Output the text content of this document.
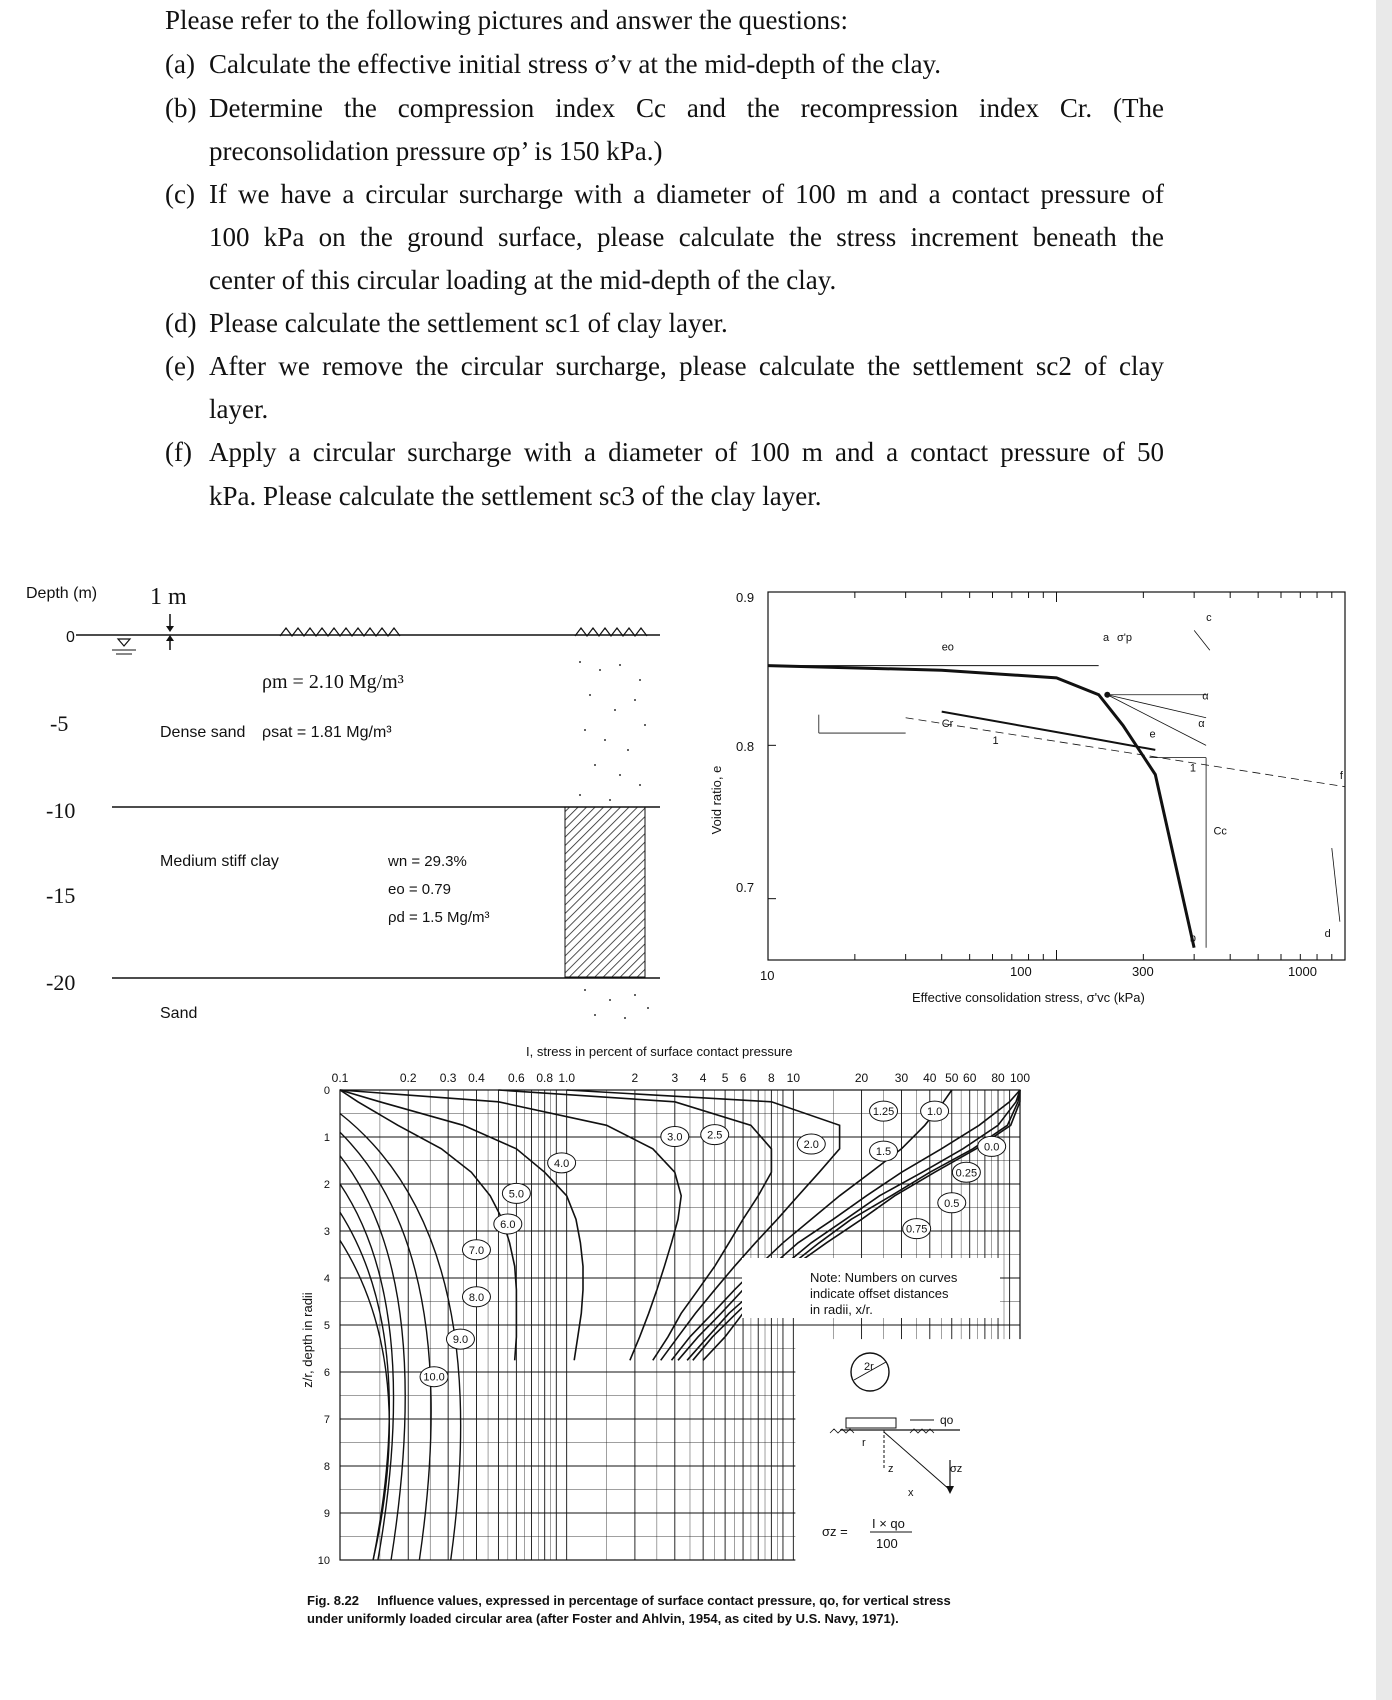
Please refer to the following pictures and answer the questions:
(a) Calculate the effective initial stress σ’v at the mid-depth of the clay.
(b) Determine the compression index Cc and the recompression index Cr. (The
preconsolidation pressure σp’ is 150 kPa.)
(c) If we have a circular surcharge with a diameter of 100 m and a contact pressure of
100 kPa on the ground surface, please calculate the stress increment beneath the
center of this circular loading at the mid-depth of the clay.
(d) Please calculate the settlement sc1 of clay layer.
(e) After we remove the circular surcharge, please calculate the settlement sc2 of clay
layer.
(f) Apply a circular surcharge with a diameter of 100 m and a contact pressure of 50
kPa. Please calculate the settlement sc3 of the clay layer.
Depth (m)
0
-5
-10
-15
-20
1 m
ρm = 2.10 Mg/m³
Dense sand ρsat = 1.81 Mg/m³
Medium stiff clay	wn = 29.3%
eo = 0.79
ρd = 1.5 Mg/m³
Sand
0.9
0.8
0.7
Void ratio, e
10	100	300	1000
Effective consolidation stress, σ'vc (kPa)
eo
a σ'p
c
Cr
1
e
α
α
1
f
Cc
b	d
I, stress in percent of surface contact pressure
z/r, depth in radii
0
1
2
3
4
5
6
7
8
9
10
0.1	0.2 0.3 0.4 0.6 0.8 1.0	2	3 4 5 6 8 10	20 30 40 50 60 80 100
0.0
0.25
0.5
0.75
1.0
1.25
1.5
2.0
2.5
3.0
4.0
5.0
6.0
7.0
8.0
9.0
10.0
Note: Numbers on curves
indicate offset distances
in radii, x/r.
2r
qo
r
z
x
σz
σz =
I × qo
100
Fig. 8.22 Influence values, expressed in percentage of surface contact pressure, qo, for vertical stress
under uniformly loaded circular area (after Foster and Ahlvin, 1954, as cited by U.S. Navy, 1971).
